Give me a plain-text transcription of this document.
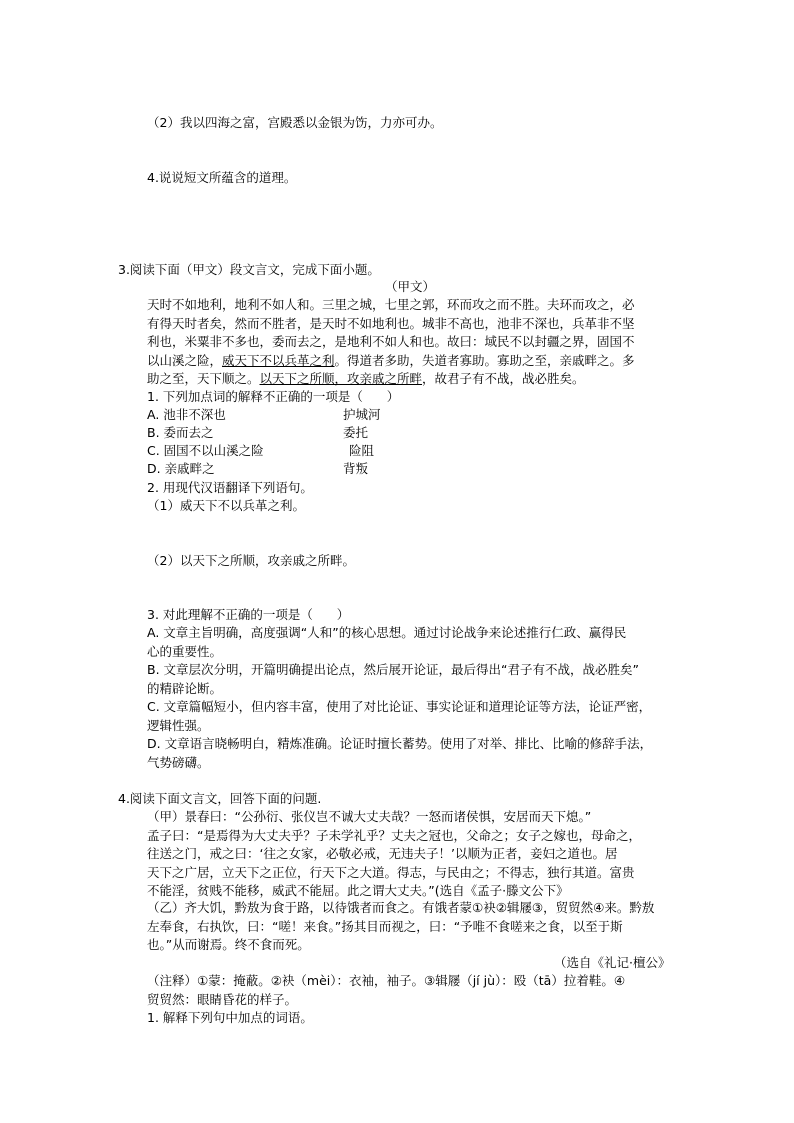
（2）我以四海之富，宫殿悉以金银为饬，力亦可办。
4.说说短文所蕴含的道理。
3.阅读下面（甲文）段文言文，完成下面小题。
（甲文）
天时不如地利，地利不如人和。三里之城，七里之郭，环而攻之而不胜。夫环而攻之，必
有得天时者矣，然而不胜者，是天时不如地利也。城非不高也，池非不深也，兵革非不坚
利也，米粟非不多也，委而去之，是地利不如人和也。故曰：域民不以封疆之界，固国不
以山溪之险，威天下不以兵革之利。得道者多助，失道者寡助。寡助之至，亲戚畔之。多
助之至，天下顺之。以天下之所顺，攻亲戚之所畔，故君子有不战，战必胜矣。
1. 下列加点词的解释不正确的一项是（      ）
A. 池非不深也	护城河
B. 委而去之	委托
C. 固国不以山溪之险	险阻
D. 亲戚畔之	背叛
2. 用现代汉语翻译下列语句。
（1）威天下不以兵革之利。
（2）以天下之所顺，攻亲戚之所畔。
3. 对此理解不正确的一项是（      ）
A. 文章主旨明确，高度强调“人和”的核心思想。通过讨论战争来论述推行仁政、赢得民
心的重要性。
B. 文章层次分明，开篇明确提出论点，然后展开论证，最后得出“君子有不战，战必胜矣”
的精辟论断。
C. 文章篇幅短小，但内容丰富，使用了对比论证、事实论证和道理论证等方法，论证严密，
逻辑性强。
D. 文章语言晓畅明白，精炼准确。论证时擅长蓄势。使用了对举、排比、比喻的修辞手法，
气势磅礴。
4.阅读下面文言文，回答下面的问题.
（甲）景春曰：“公孙衍、张仪岂不诚大丈夫哉？一怒而诸侯惧，安居而天下熄。”
孟子曰：“是焉得为大丈夫乎？子未学礼乎？丈夫之冠也，父命之；女子之嫁也，母命之，
往送之门，戒之曰：‘往之女家，必敬必戒，无违夫子！’以顺为正者，妾妇之道也。居
天下之广居，立天下之正位，行天下之大道。得志，与民由之；不得志，独行其道。富贵
不能淫，贫贱不能移，威武不能屈。此之谓大丈夫。”(选自《孟子·滕文公下》
（乙）齐大饥，黔敖为食于路，以待饿者而食之。有饿者蒙①袂②辑屦③，贸贸然④来。黔敖
左奉食，右执饮，曰：“嗟！来食。”扬其目而视之，曰：“予唯不食嗟来之食，以至于斯
也。”从而谢焉。终不食而死。
（选自《礼记·檀公》
（注释）①蒙：掩蔽。②袂（mèi）：衣袖，袖子。③辑屦（jí jù）：殴（tā）拉着鞋。④
贸贸然：眼睛昏花的样子。
1. 解释下列句中加点的词语。
